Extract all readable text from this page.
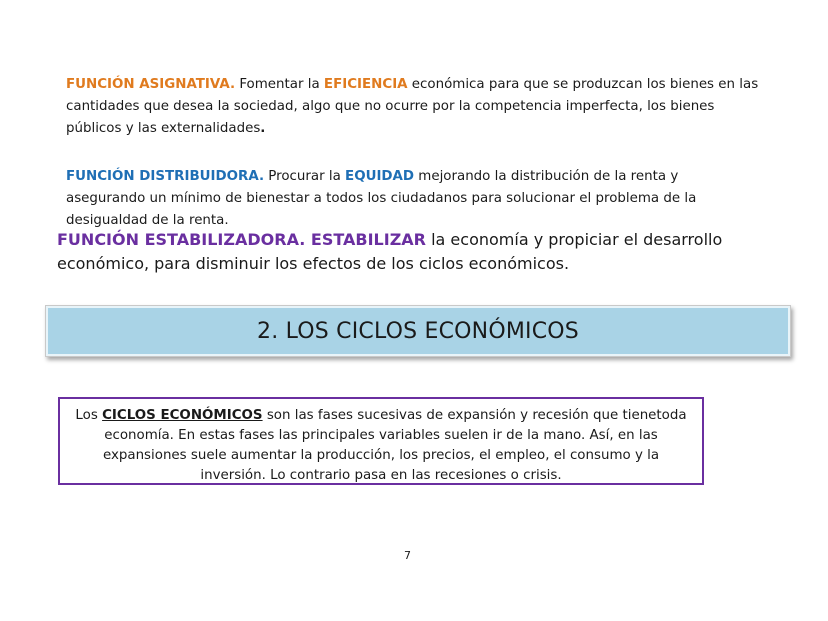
FUNCIÓN ASIGNATIVA. Fomentar la EFICIENCIA económica para que se produzcan los bienes en las cantidades que desea la sociedad, algo que no ocurre por la competencia imperfecta, los bienes públicos y las externalidades.
FUNCIÓN DISTRIBUIDORA. Procurar la EQUIDAD mejorando la distribución de la renta y asegurando un mínimo de bienestar a todos los ciudadanos para solucionar el problema de la desigualdad de la renta.
FUNCIÓN ESTABILIZADORA. ESTABILIZAR la economía y propiciar el desarrollo económico, para disminuir los efectos de los ciclos económicos.
2. LOS CICLOS ECONÓMICOS
Los CICLOS ECONÓMICOS son las fases sucesivas de expansión y recesión que tienetoda economía. En estas fases las principales variables suelen ir de la mano. Así, en las expansiones suele aumentar la producción, los precios, el empleo, el consumo y la inversión. Lo contrario pasa en las recesiones o crisis.
7
